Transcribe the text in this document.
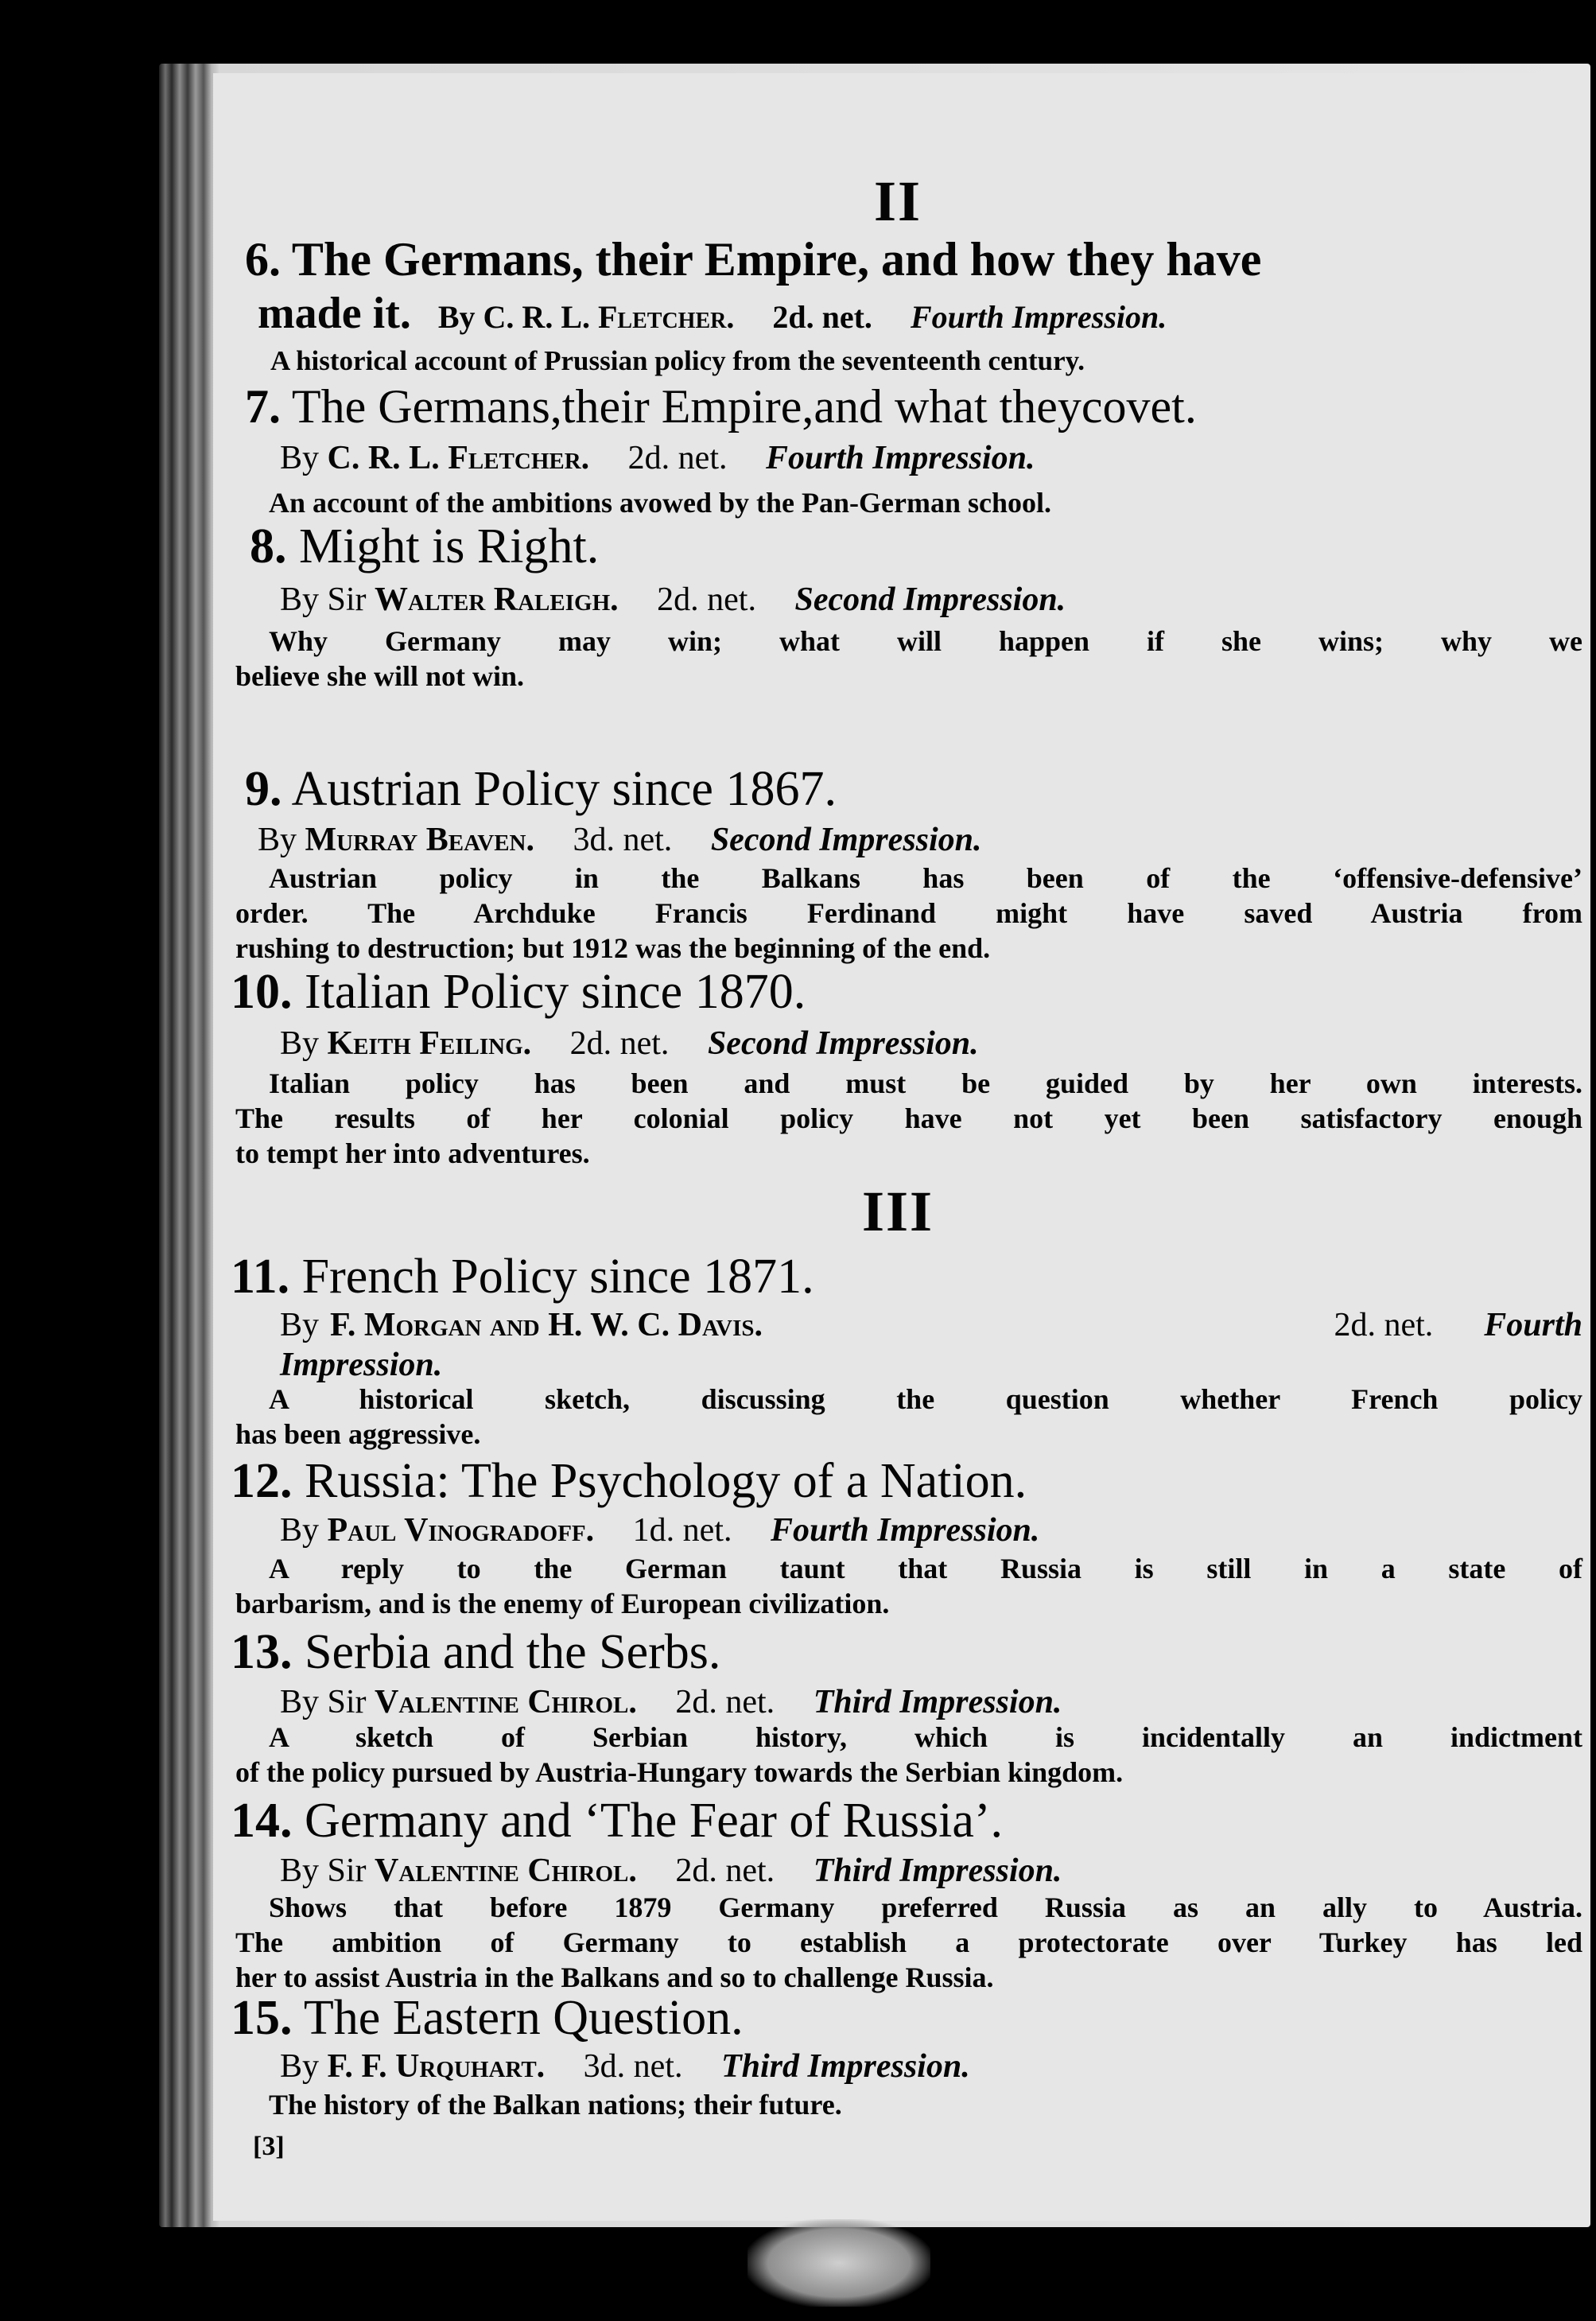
II
6. The Germans, their Empire, and how they have
made it. By C. R. L. Fletcher. 2d. net. Fourth Impression.
A historical account of Prussian policy from the seventeenth century.
7. The Germans,their Empire,and what theycovet.
By C. R. L. Fletcher. 2d. net. Fourth Impression.
An account of the ambitions avowed by the Pan-German school.
8. Might is Right.
By Sir Walter Raleigh. 2d. net. Second Impression.
Why Germany may win; what will happen if she wins; why we
believe she will not win.
9. Austrian Policy since 1867.
By Murray Beaven. 3d. net. Second Impression.
Austrian policy in the Balkans has been of the ‘offensive-defensive’
order. The Archduke Francis Ferdinand might have saved Austria from
rushing to destruction; but 1912 was the beginning of the end.
10. Italian Policy since 1870.
By Keith Feiling. 2d. net. Second Impression.
Italian policy has been and must be guided by her own interests.
The results of her colonial policy have not yet been satisfactory enough
to tempt her into adventures.
III
11. French Policy since 1871.
By F. Morgan and H. W. C. Davis.	2d. net. Fourth
Impression.
A historical sketch, discussing the question whether French policy
has been aggressive.
12. Russia: The Psychology of a Nation.
By Paul Vinogradoff. 1d. net. Fourth Impression.
A reply to the German taunt that Russia is still in a state of
barbarism, and is the enemy of European civilization.
13. Serbia and the Serbs.
By Sir Valentine Chirol. 2d. net. Third Impression.
A sketch of Serbian history, which is incidentally an indictment
of the policy pursued by Austria-Hungary towards the Serbian kingdom.
14. Germany and ‘The Fear of Russia’.
By Sir Valentine Chirol. 2d. net. Third Impression.
Shows that before 1879 Germany preferred Russia as an ally to Austria.
The ambition of Germany to establish a protectorate over Turkey has led
her to assist Austria in the Balkans and so to challenge Russia.
15. The Eastern Question.
By F. F. Urquhart. 3d. net. Third Impression.
The history of the Balkan nations; their future.
[3]
